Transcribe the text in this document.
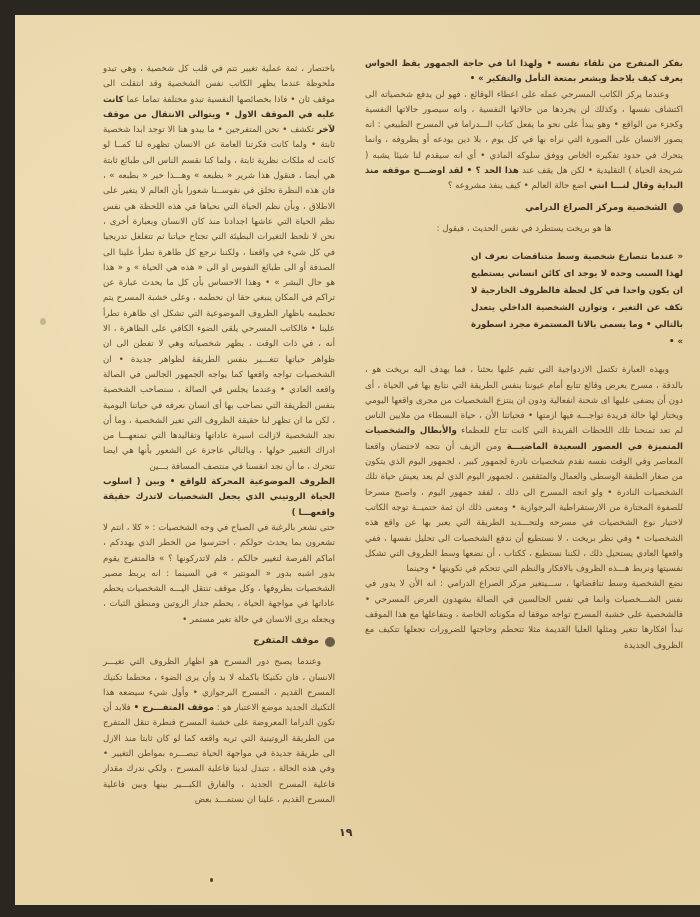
بفكر المتفرج من تلقاء نفسه • ولهذا انا في حاجة الجمهور يقظ الحواس يعرف كيف يلاحظ ويشعر بمتعة التأمل والتفكير » •

وعندما يركز الكاتب المسرحي عمله على اعطاء الوقائع ، فهو لن يدفع شخصياته الى اكتشاف نفسها ، وكذلك لن يجردها من حالاتها النفسية ، وانه سيصور حالاتها النفسية وكجزء من الواقع • وهو يبدأ على نحو ما يفعل كتاب الـــدراما في المسرح الطبيعي : انه يصور الانسان على الصورة التي نراه بها في كل يوم ، بلا دين يودعه أو يظروفه ، وانما يتحرك في حدود تفكيره الخاص ووفق سلوكه المادي • أي انه سيقدم لنا شيئا يشبه ( شريحة الحياة ) التقليدية • لكن هل يقف عند هذا الحد ؟ • لقد اوضـــح موقفه منذ البداية وقال لنـــا انني اضع حالة العالم • كيف ينفذ مشروعه ؟

الشخصية ومركز الصراع الدرامي

ها هو بريخت يستطرد في نفس الحديث ، فيقول :

« عندما تتصارع شخصية وسط متناقضات نعرف ان لهذا السبب وحده لا يوجد اى كائن انساني يستطيع ان يكون واحدا في كل لحظة فالظروف الخارجية لا تكف عن التغير ، وتوازن الشخصية الداخلي يتعدل بالتالي • وما يسمى بالانا المستمرة مجرد اسطورة » •

وبهذه العبارة تكتمل الازدواجية التي تقيم عليها بحثنا ، فما يهدف اليه بريخت هو ، بالدقة ، مسرح يعرض وقائع تتابع أمام عيوننا بنفس الطريقة التي نتابع بها في الحياة ، أى دون أن يضفى عليها اى شحنة انفعالية ودون ان ينتزع الشخصيات من مجرى واقعها اليومي ويختار لها حالة فريدة تواجـــه فيها ازمتها • فحياتنا الأن ، حياة البسطاء من ملايين الناس لم تعد تمنحنا تلك اللحظات الفريدة التي كانت تتاح للعظماء والأبطال والشخصيات المتميزة في العصور السعيدة الماضيـــة ومن الزيف أن نتجه لاحتضان واقعنا المعاصر وفي الوقت نفسه نقدم شخصيات نادرة لجمهور كبير ، لجمهور اليوم الذي يتكون من صغار الطبقة الوسطى والعمال والمثقفين ، لجمهور اليوم الذي لم يعد يعيش حياة تلك الشخصيات النادرة • ولو اتجه المسرح الى ذلك ، لفقد جمهور اليوم ، واصبح مسرحا للصفوة المختارة من الارستقراطية البرجوازية • ومعنى ذلك ان ثمة حتميــة توجه الكاتب لاختيار نوع الشخصيات في مسرحه ولتحـــديد الطريقة التي يعبر بها عن واقع هذه الشخصيات • وفي نظر بريخت ، لا نستطيع أن ندفع الشخصيات الى تحليل نفسها ، ففي واقعها العادي يستحيل ذلك ، لكننا نستطيع ، ككتاب ، أن نضعها وسط الظروف التي تشكل نفسيتها ونربط هـــذه الظروف بالافكار والنظم التي تتحكم في تكوينها • وحينما

نضع الشخصية وسط تناقضاتها ، ســـيتغير مركز الصراع الدرامي : انه الأن لا يدور في نفس الشـــخصيات وانما في نفس الجالسين في الصالة يشهدون العرض المسرحي • فالشخصية على خشبة المسرح تواجه موقفا له مكوناته الخاصة ، وبتفاعلها مع هذا الموقف تبدأ افكارها تتغير ومثلها العليا القديمة مثلا تتحطم وحاجتها للضرورات تجعلها تتكيف مع الظروف الجديدة

باختصار ، ثمة عملية تغيير تتم في قلب كل شخصية ، وهي تبدو ملحوظة عندما يظهر الكاتب نفس الشخصية وقد انتقلت الى موقف ثان • فاذا بخصائصها النفسية تبدو مختلفة تماما عما كانت عليه في الموقف الاول • ويتوالى الانتقال من موقف لآخر تكشف • نحن المتفرجين • ما يبدو هنا الا توجد ابدا شخصية ثابتة • ولما كانت فكرتنا العامة عن الانسان تظهره لنا كمــا لو كانت له ملكات نظرية ثابتة ، ولما كنا نقسم الناس الى طبائع ثابتة هي أيضا ، فنقول هذا شرير « بطبعه » وهـــذا خير « بطبعه » ، فان هذه النظرة تخلق في نفوســنا شعورا بأن العالم لا يتغير على الاطلاق ، وبأن نظم الحياة التي نحياها في هذه اللحظة هي نفس نظم الحياة التي عاشها اجدادنا منذ كان الانسان وبعبارة أخرى ، نحن لا نلحظ التغيرات البطيئة التي تجتاح حياتنا ثم تتغلغل تدريجيا في كل شيء في واقعنا ، ولكننا نرجع كل ظاهرة تطرأ علينا الى الصدفة أو الى طبائع النفوس او الى « هذه هي الحياة » و « هذا هو حال البشر » • وهذا الاحساس بأن كل ما يحدث عبارة عن تراكم في المكان ينبغي حقا ان نحطمه ، وعلى خشبة المسرح يتم تحطيمه باظهار الظروف الموضوعية التي تشكل اى ظاهرة تطرأ علينا • فالكاتب المسرحي يلقى الضوء الكافي على الظاهرة ، الا أنه ، في ذات الوقت ، يظهر شخصياته وهي لا تفطن الى ان ظواهر حياتها تتغـــير بنفس الطريقة لظواهر جديدة • ان الشخصيات تواجه واقعها كما يواجه الجمهور الجالس في الصالة واقعه العادي • وعندما يجلس في الصالة ، سنصاحب الشخصية بنفس الطريقة التي نصاحب بها أى انسان نعرفه في حياتنا اليومية ، لكن ما ان تظهر لنا حقيقة الظروف التي تغير الشخصية ، وما أن نجد الشخصية لازالت اسيرة عاداتها وتقاليدها التي تمنعهـــا من ادراك التغيير حولها ، وبالتالي عاجزة عن الشعور بأنها هي ايضا تتحرك ، ما أن نجد انفسنا في منتصف المسافة بـــين

الظروف الموضوعية المحركة للواقع • وبين ( اسلوب الحياة الروتيني الذي يجعل الشخصيات لاتدرك حقيقة واقعهـــا )

حتى نشعر بالرغبة في الصياح في وجه الشخصيات : « كلا ، انتم لا تشعرون بما يحدث حولكم ، احترسوا من الخطر الذي يهددكم ، اماكم الفرصة لتغيير حالكم ، فلم لاتدركونها ؟ » فالمتفرج يقوم بدور اشبه بدور « المونتير » في السينما : انه يربط مصير الشخصيات بظروفها ، وكل موقف تنتقل اليـــه الشخصيات يحطم عاداتها في مواجهة الحياة ، يحطم جدار الروتين ومنطق الثبات ، ويجعله يرى الانسان في حالة تغير مستمر •

موقف المتفرج

وعندما يصبح دور المسرح هو اظهار الظروف التي تغيـــر الانسان ، فان تكنيكا باكمله لا بد وأن يرى الضوء ، محطما تكنيك المسرح القديم ، المسرح البرجوازي • وأول شيء سيضعه هذا التكنيك الجديد موضع الاعتبار هو : موقف المتفـــرج • فلابد أن تكون الدراما المعروضة على خشبة المسرح فنطرة تنقل المتفرج من الطريقة الروتينية التي تريه واقعه كما لو كان ثابتا منذ الازل الى طريقة جديدة في مواجهة الحياة تبصـــره بمواطن التغيير • وفي هذه الحالة ، تتبدل لدينا فاعلية المسرح ، ولكي ندرك مقدار فاعلية المسرح الجديد ، والفارق الكبـــير بينها وبين فاعلية المسرح القديم ، علينا ان نستمـــد بعض

١٩
